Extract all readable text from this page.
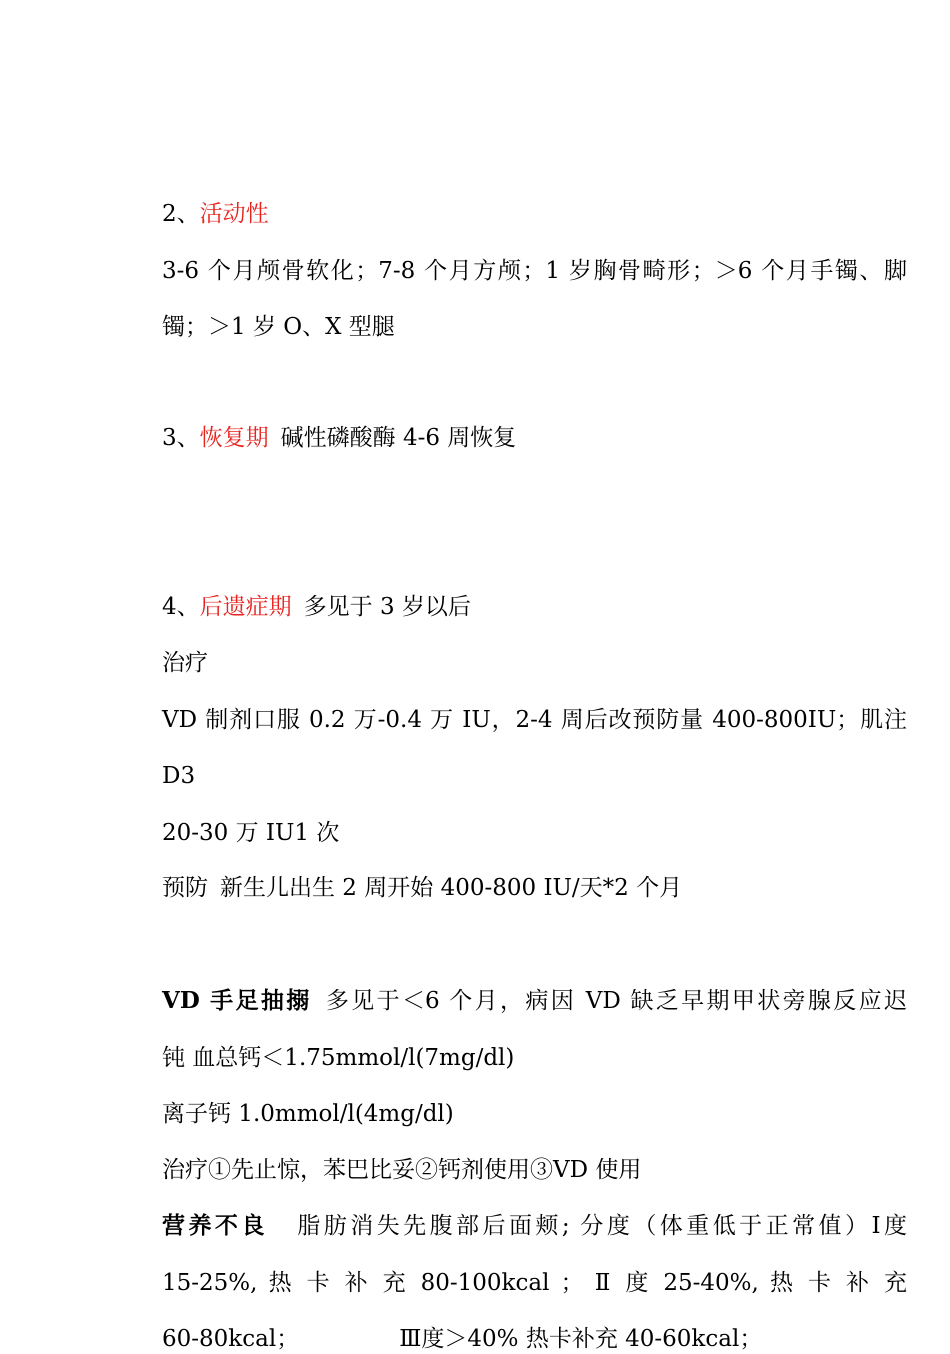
2、活动性
3-6 个月颅骨软化；7-8 个月方颅；1 岁胸骨畸形；＞6 个月手镯、脚
镯；＞1 岁 O、X 型腿
3、恢复期 碱性磷酸酶 4-6 周恢复
4、后遗症期 多见于 3 岁以后
治疗
VD 制剂口服 0.2 万-0.4 万 IU，2-4 周后改预防量 400-800IU；肌注
D3
20-30 万 IU1 次
预防 新生儿出生 2 周开始 400-800 IU/天*2 个月
VD 手足抽搦 多见于＜6 个月，病因 VD 缺乏早期甲状旁腺反应迟
钝 血总钙＜1.75mmol/l(7mg/dl)
离子钙 1.0mmol/l(4mg/dl)
治疗①先止惊，苯巴比妥②钙剂使用③VD 使用
营养不良 脂肪消失先腹部后面颊; 分度（体重低于正常值）Ⅰ度
15-25%, 热 卡 补 充 80-100kcal ； Ⅱ 度 25-40%, 热 卡 补 充
60-80kcal；	Ⅲ度＞40% 热卡补充 40-60kcal；
